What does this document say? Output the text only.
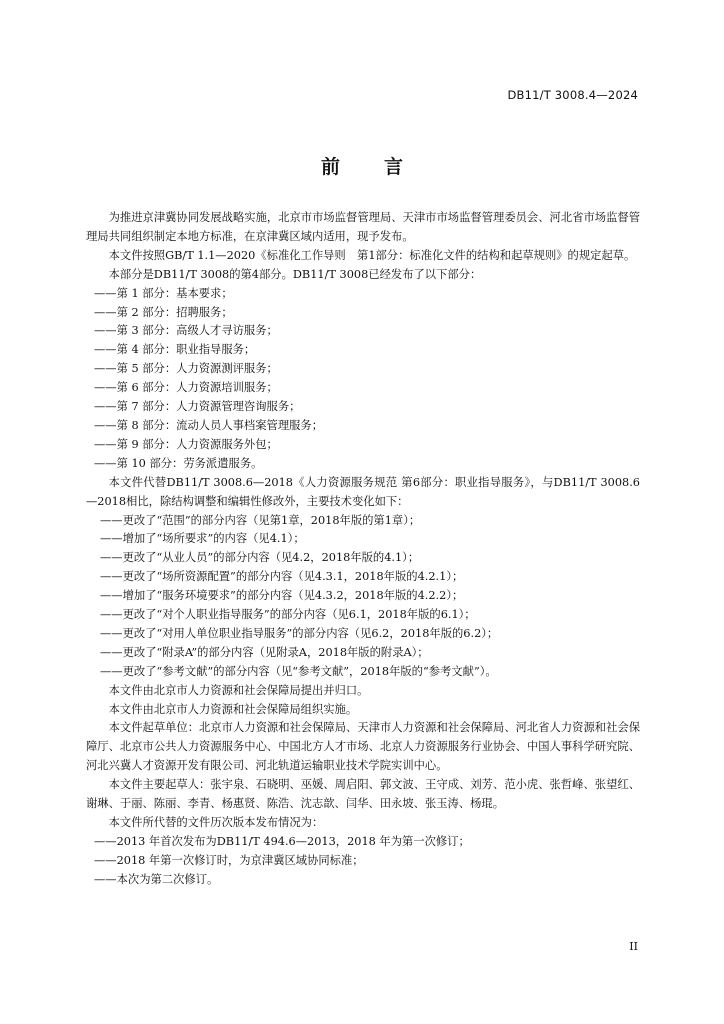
DB11/T 3008.4—2024
前言

为推进京津冀协同发展战略实施，北京市市场监督管理局、天津市市场监督管理委员会、河北省市场监督管理局共同组织制定本地方标准，在京津冀区域内适用，现予发布。

本文件按照GB/T 1.1—2020《标准化工作导则　第1部分：标准化文件的结构和起草规则》的规定起草。

本部分是DB11/T 3008的第4部分。DB11/T 3008已经发布了以下部分：

——第 1 部分：基本要求；

——第 2 部分：招聘服务；

——第 3 部分：高级人才寻访服务；

——第 4 部分：职业指导服务；

——第 5 部分：人力资源测评服务；

——第 6 部分：人力资源培训服务；

——第 7 部分：人力资源管理咨询服务；

——第 8 部分：流动人员人事档案管理服务；

——第 9 部分：人力资源服务外包；

——第 10 部分：劳务派遣服务。

本文件代替DB11/T 3008.6—2018《人力资源服务规范 第6部分：职业指导服务》，与DB11/T 3008.6—2018相比，除结构调整和编辑性修改外，主要技术变化如下：

——更改了“范围”的部分内容（见第1章，2018年版的第1章）；

——增加了“场所要求”的内容（见4.1）；

——更改了“从业人员”的部分内容（见4.2，2018年版的4.1）；

——更改了“场所资源配置”的部分内容（见4.3.1，2018年版的4.2.1）；

——增加了“服务环境要求”的部分内容（见4.3.2，2018年版的4.2.2）；

——更改了“对个人职业指导服务”的部分内容（见6.1，2018年版的6.1）；

——更改了“对用人单位职业指导服务”的部分内容（见6.2，2018年版的6.2）；

——更改了“附录A”的部分内容（见附录A，2018年版的附录A）；

——更改了“参考文献”的部分内容（见“参考文献”，2018年版的“参考文献”）。

本文件由北京市人力资源和社会保障局提出并归口。

本文件由北京市人力资源和社会保障局组织实施。

本文件起草单位：北京市人力资源和社会保障局、天津市人力资源和社会保障局、河北省人力资源和社会保障厅、北京市公共人力资源服务中心、中国北方人才市场、北京人力资源服务行业协会、中国人事科学研究院、河北兴冀人才资源开发有限公司、河北轨道运输职业技术学院实训中心。

本文件主要起草人：张宇泉、石晓明、巫媛、周启阳、郭文波、王守成、刘芳、范小虎、张哲峰、张望红、谢琳、于丽、陈丽、李青、杨惠贤、陈浩、沈志歆、闫华、田永坡、张玉涛、杨琨。

本文件所代替的文件历次版本发布情况为：

——2013 年首次发布为DB11/T 494.6—2013，2018 年为第一次修订；

——2018 年第一次修订时，为京津冀区域协同标准；

——本次为第二次修订。

II
